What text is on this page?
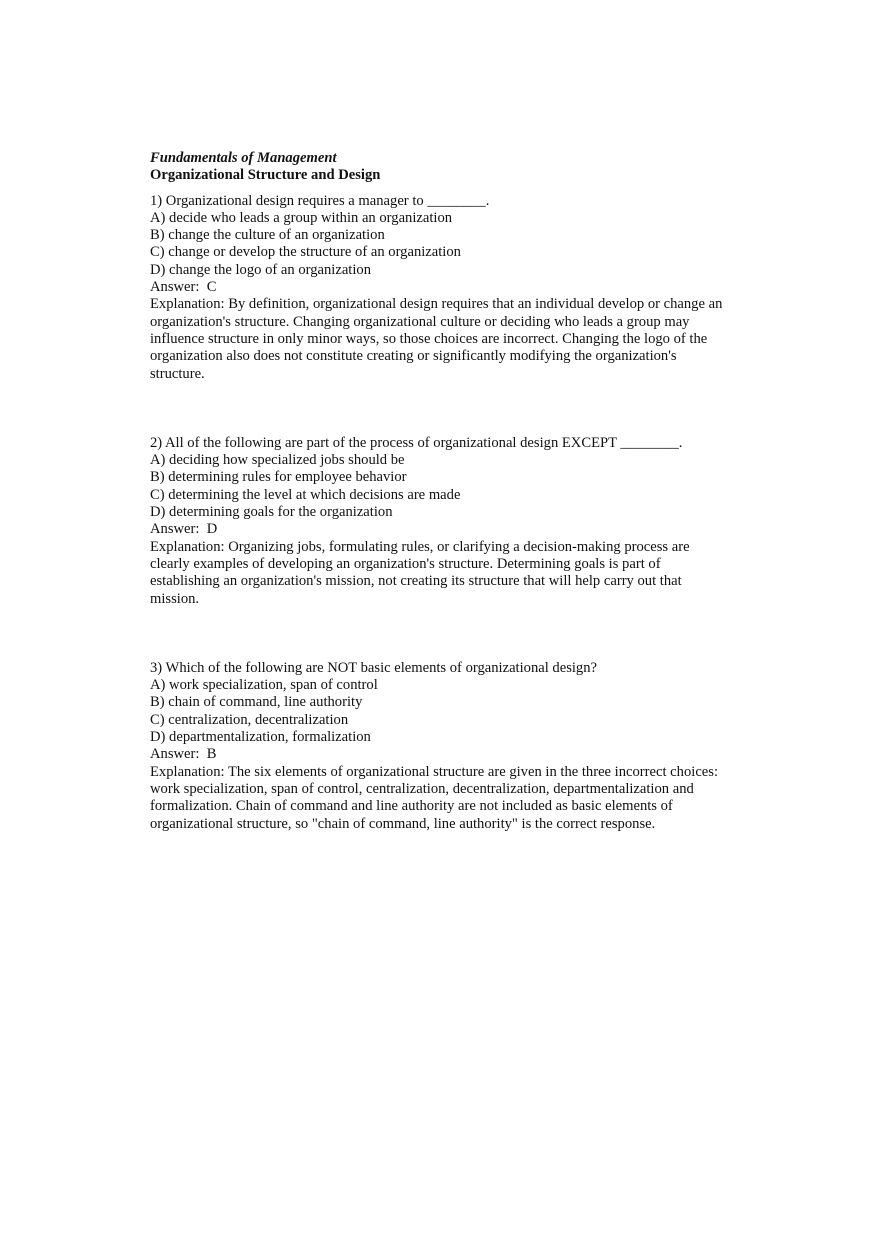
Fundamentals of Management

Organizational Structure and Design

1) Organizational design requires a manager to ________.
A) decide who leads a group within an organization
B) change the culture of an organization
C) change or develop the structure of an organization
D) change the logo of an organization
Answer:  C
Explanation: By definition, organizational design requires that an individual develop or change an organization's structure. Changing organizational culture or deciding who leads a group may influence structure in only minor ways, so those choices are incorrect. Changing the logo of the organization also does not constitute creating or significantly modifying the organization's structure.
2) All of the following are part of the process of organizational design EXCEPT ________.
A) deciding how specialized jobs should be
B) determining rules for employee behavior
C) determining the level at which decisions are made
D) determining goals for the organization
Answer:  D
Explanation: Organizing jobs, formulating rules, or clarifying a decision-making process are clearly examples of developing an organization's structure. Determining goals is part of establishing an organization's mission, not creating its structure that will help carry out that mission.
3) Which of the following are NOT basic elements of organizational design?
A) work specialization, span of control
B) chain of command, line authority
C) centralization, decentralization
D) departmentalization, formalization
Answer:  B
Explanation: The six elements of organizational structure are given in the three incorrect choices: work specialization, span of control, centralization, decentralization, departmentalization and formalization. Chain of command and line authority are not included as basic elements of organizational structure, so "chain of command, line authority" is the correct response.
